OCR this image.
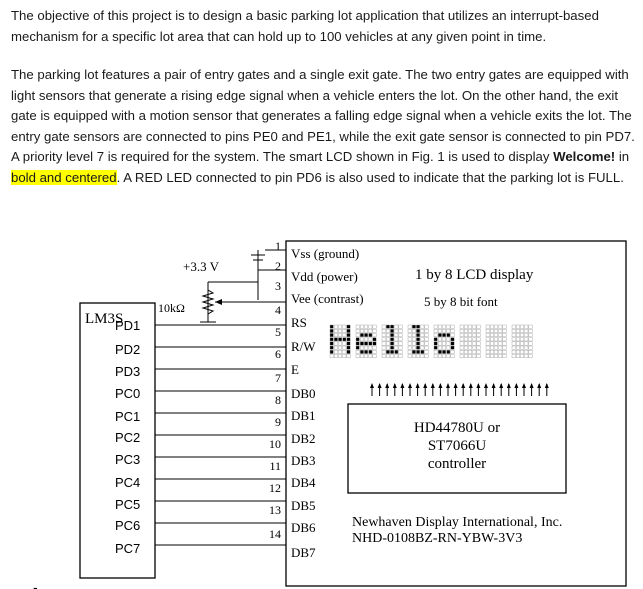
The objective of this project is to design a basic parking lot application that utilizes an interrupt-based mechanism for a specific lot area that can hold up to 100 vehicles at any given point in time.

The parking lot features a pair of entry gates and a single exit gate. The two entry gates are equipped with light sensors that generate a rising edge signal when a vehicle enters the lot. On the other hand, the exit gate is equipped with a motion sensor that generates a falling edge signal when a vehicle exits the lot. The entry gate sensors are connected to pins PE0 and PE1, while the exit gate sensor is connected to pin PD7. A priority level 7 is required for the system. The smart LCD shown in Fig. 1 is used to display Welcome! in bold and centered. A RED LED connected to pin PD6 is also used to indicate that the parking lot is FULL.

+3.3 V
10kΩ
LM3S
1 by 8 LCD display
5 by 8 bit font
HD44780U or
ST7066U
controller
Newhaven Display International, Inc.
NHD-0108BZ-RN-YBW-3V3
1
2
3
4
5
6
7
8
9
10
11
12
13
14
Vss (ground)
Vdd (power)
Vee (contrast)
RS
R/W
E
DB0
DB1
DB2
DB3
DB4
DB5
DB6
DB7
PD1
PD2
PD3
PC0
PC1
PC2
PC3
PC4
PC5
PC6
PC7
-
